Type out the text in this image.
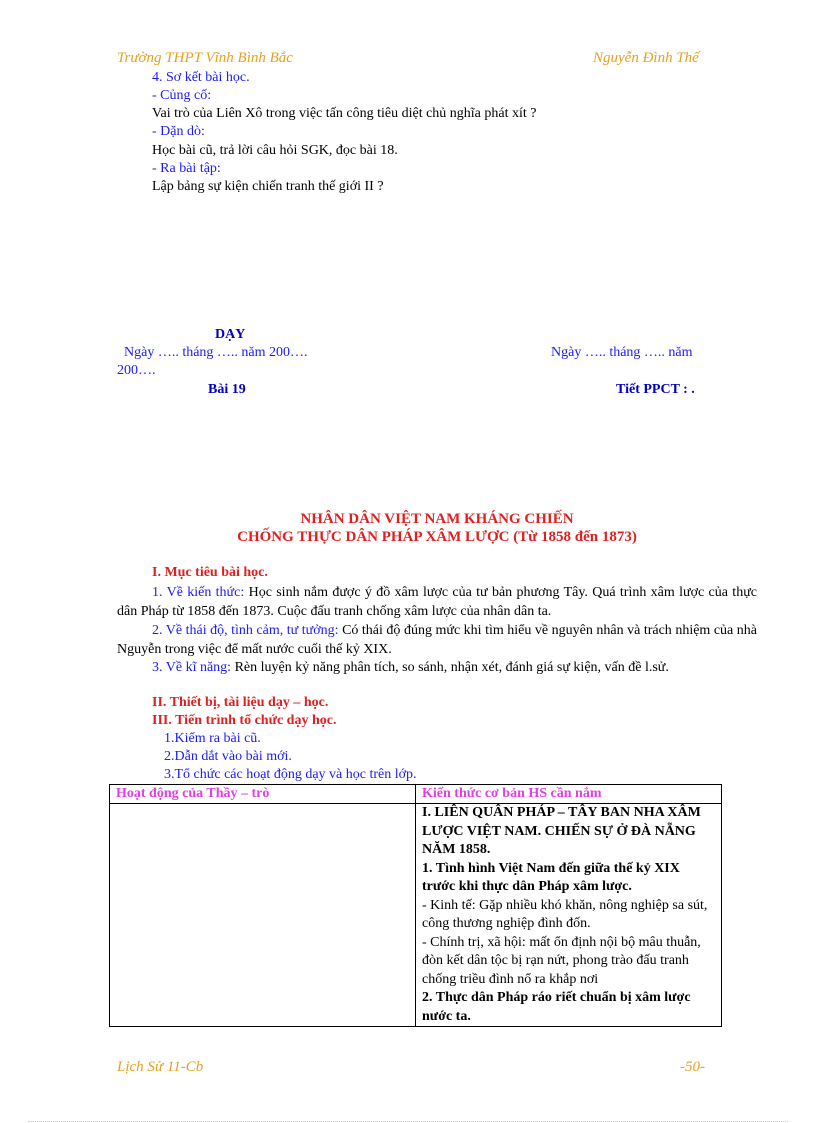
Trường THPT Vĩnh Bình Bắc	Nguyễn Đình Thế
4. Sơ kết bài học.
- Củng cố:
Vai trò của Liên Xô trong việc tấn công tiêu diệt chủ nghĩa phát xít ?
- Dặn dò:
Học bài cũ, trả lời câu hỏi SGK, đọc bài 18.
- Ra bài tập:
Lập bảng sự kiện chiến tranh thế giới II ?
DẠY
Ngày ….. tháng ….. năm 200….	Ngày ….. tháng ….. năm
200….
Bài 19	Tiết PPCT : .
NHÂN DÂN VIỆT NAM KHÁNG CHIẾN
CHỐNG THỰC DÂN PHÁP XÂM LƯỢC (Từ 1858 đến 1873)
I. Mục tiêu bài học.
1. Về kiến thức: Học sinh nắm được ý đồ xâm lược của tư bản phương Tây. Quá trình xâm lược của thực dân Pháp từ 1858 đến 1873. Cuộc đấu tranh chống xâm lược của nhân dân ta.
2. Về thái độ, tình cảm, tư tưởng: Có thái độ đúng mức khi tìm hiểu về nguyên nhân và trách nhiệm của nhà Nguyễn trong việc để mất nước cuối thế kỷ XIX.
3. Về kĩ năng: Rèn luyện kỷ năng phân tích, so sánh, nhận xét, đánh giá sự kiện, vấn đề l.sử.
II. Thiết bị, tài liệu dạy – học.
III. Tiến trình tổ chức dạy học.
1.Kiểm ra bài cũ.
2.Dẫn dắt vào bài mới.
3.Tổ chức các hoạt động dạy và học trên lớp.
Hoạt động của Thầy – trò	Kiến thức cơ bản HS cần nắm

	I. LIÊN QUÂN PHÁP – TÂY BAN NHA XÂM LƯỢC VIỆT NAM. CHIẾN SỰ Ở ĐÀ NẴNG NĂM 1858.
1. Tình hình Việt Nam đến giữa thế kỷ XIX trước khi thực dân Pháp xâm lược.
- Kinh tế: Gặp nhiều khó khăn, nông nghiệp sa sút, công thương nghiệp đình đốn.
- Chính trị, xã hội: mất ổn định nội bộ mâu thuẫn, đòn kết dân tộc bị rạn nứt, phong trào đấu tranh chống triều đình nổ ra khắp nơi
2. Thực dân Pháp ráo riết chuẩn bị xâm lược nước ta.
Lịch Sử 11-Cb	-50-
